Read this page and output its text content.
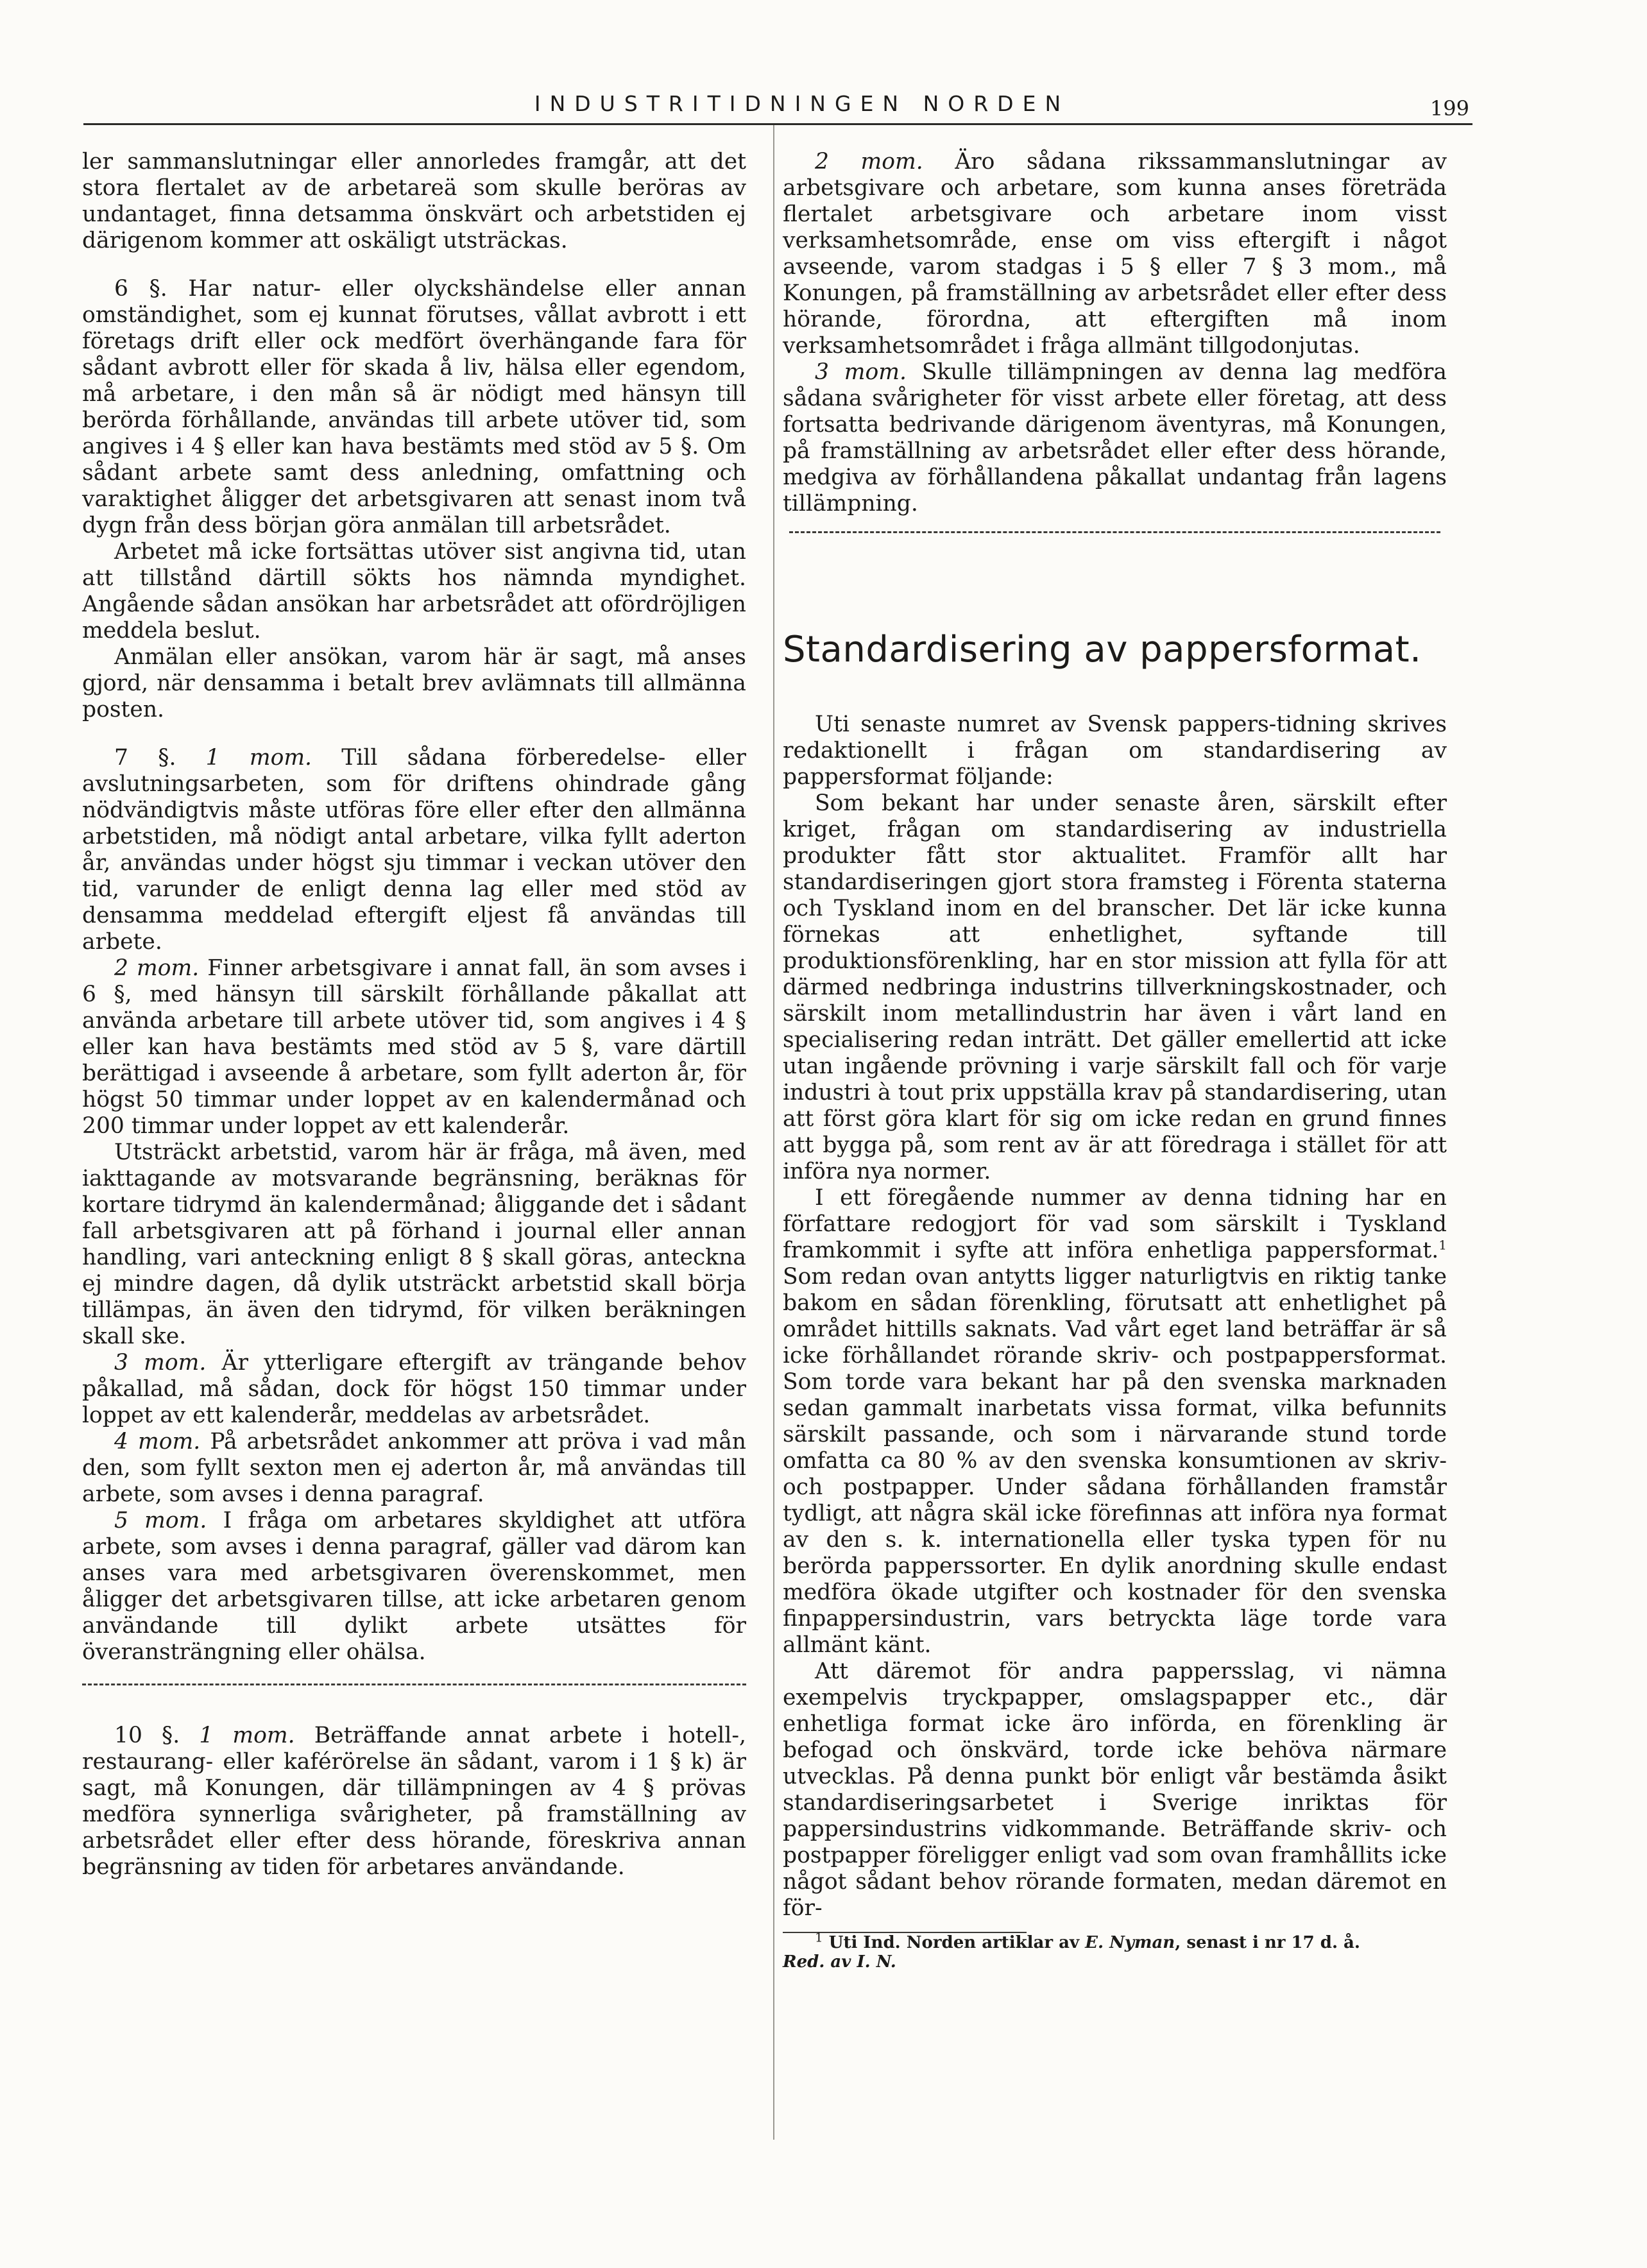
INDUSTRITIDNINGEN NORDEN	199

ler sammanslutningar eller annorledes framgår, att det stora flertalet av de arbetareä som skulle beröras av undantaget, finna detsamma önskvärt och arbetstiden ej därigenom kommer att oskäligt utsträckas.

6 §. Har natur- eller olyckshändelse eller annan omständighet, som ej kunnat förutses, vållat avbrott i ett företags drift eller ock medfört överhängande fara för sådant avbrott eller för skada å liv, hälsa eller egendom, må arbetare, i den mån så är nödigt med hänsyn till berörda förhållande, användas till arbete utöver tid, som angives i 4 § eller kan hava bestämts med stöd av 5 §. Om sådant arbete samt dess anledning, omfattning och varaktighet åligger det arbetsgivaren att senast inom två dygn från dess början göra anmälan till arbetsrådet.

Arbetet må icke fortsättas utöver sist angivna tid, utan att tillstånd därtill sökts hos nämnda myndighet. Angående sådan ansökan har arbetsrådet att ofördröjligen meddela beslut.

Anmälan eller ansökan, varom här är sagt, må anses gjord, när densamma i betalt brev avlämnats till allmänna posten.

7 §. 1 mom. Till sådana förberedelse- eller avslutningsarbeten, som för driftens ohindrade gång nödvändigtvis måste utföras före eller efter den allmänna arbetstiden, må nödigt antal arbetare, vilka fyllt aderton år, användas under högst sju timmar i veckan utöver den tid, varunder de enligt denna lag eller med stöd av densamma meddelad eftergift eljest få användas till arbete.

2 mom. Finner arbetsgivare i annat fall, än som avses i 6 §, med hänsyn till särskilt förhållande påkallat att använda arbetare till arbete utöver tid, som angives i 4 § eller kan hava bestämts med stöd av 5 §, vare därtill berättigad i avseende å arbetare, som fyllt aderton år, för högst 50 timmar under loppet av en kalendermånad och 200 timmar under loppet av ett kalenderår.

Utsträckt arbetstid, varom här är fråga, må även, med iakttagande av motsvarande begränsning, beräknas för kortare tidrymd än kalendermånad; åliggande det i sådant fall arbetsgivaren att på förhand i journal eller annan handling, vari anteckning enligt 8 § skall göras, anteckna ej mindre dagen, då dylik utsträckt arbetstid skall börja tillämpas, än även den tidrymd, för vilken beräkningen skall ske.

3 mom. Är ytterligare eftergift av trängande behov påkallad, må sådan, dock för högst 150 timmar under loppet av ett kalenderår, meddelas av arbetsrådet.

4 mom. På arbetsrådet ankommer att pröva i vad mån den, som fyllt sexton men ej aderton år, må användas till arbete, som avses i denna paragraf.

5 mom. I fråga om arbetares skyldighet att utföra arbete, som avses i denna paragraf, gäller vad därom kan anses vara med arbetsgivaren överenskommet, men åligger det arbetsgivaren tillse, att icke arbetaren genom användande till dylikt arbete utsättes för överansträngning eller ohälsa.

10 §. 1 mom. Beträffande annat arbete i hotell-, restaurang- eller kaférörelse än sådant, varom i 1 § k) är sagt, må Konungen, där tillämpningen av 4 § prövas medföra synnerliga svårigheter, på framställning av arbetsrådet eller efter dess hörande, föreskriva annan begränsning av tiden för arbetares användande.

2 mom. Äro sådana rikssammanslutningar av arbetsgivare och arbetare, som kunna anses företräda flertalet arbetsgivare och arbetare inom visst verksamhetsområde, ense om viss eftergift i något avseende, varom stadgas i 5 § eller 7 § 3 mom., må Konungen, på framställning av arbetsrådet eller efter dess hörande, förordna, att eftergiften må inom verksamhetsområdet i fråga allmänt tillgodonjutas.

3 mom. Skulle tillämpningen av denna lag medföra sådana svårigheter för visst arbete eller företag, att dess fortsatta bedrivande därigenom äventyras, må Konungen, på framställning av arbetsrådet eller efter dess hörande, medgiva av förhållandena påkallat undantag från lagens tillämpning.

Standardisering av pappersformat.

Uti senaste numret av Svensk pappers-tidning skrives redaktionellt i frågan om standardisering av pappersformat följande:

Som bekant har under senaste åren, särskilt efter kriget, frågan om standardisering av industriella produkter fått stor aktualitet. Framför allt har standardiseringen gjort stora framsteg i Förenta staterna och Tyskland inom en del branscher. Det lär icke kunna förnekas att enhetlighet, syftande till produktionsförenkling, har en stor mission att fylla för att därmed nedbringa industrins tillverkningskostnader, och särskilt inom metallindustrin har även i vårt land en specialisering redan inträtt. Det gäller emellertid att icke utan ingående prövning i varje särskilt fall och för varje industri à tout prix uppställa krav på standardisering, utan att först göra klart för sig om icke redan en grund finnes att bygga på, som rent av är att föredraga i stället för att införa nya normer.

I ett föregående nummer av denna tidning har en författare redogjort för vad som särskilt i Tyskland framkommit i syfte att införa enhetliga pappersformat.$^1$ Som redan ovan antytts ligger naturligtvis en riktig tanke bakom en sådan förenkling, förutsatt att enhetlighet på området hittills saknats. Vad vårt eget land beträffar är så icke förhållandet rörande skriv- och postpappersformat. Som torde vara bekant har på den svenska marknaden sedan gammalt inarbetats vissa format, vilka befunnits särskilt passande, och som i närvarande stund torde omfatta ca 80 % av den svenska konsumtionen av skriv- och postpapper. Under sådana förhållanden framstår tydligt, att några skäl icke förefinnas att införa nya format av den s. k. internationella eller tyska typen för nu berörda papperssorter. En dylik anordning skulle endast medföra ökade utgifter och kostnader för den svenska finpappersindustrin, vars betryckta läge torde vara allmänt känt.

Att däremot för andra pappersslag, vi nämna exempelvis tryckpapper, omslagspapper etc., där enhetliga format icke äro införda, en förenkling är befogad och önskvärd, torde icke behöva närmare utvecklas. På denna punkt bör enligt vår bestämda åsikt standardiseringsarbetet i Sverige inriktas för pappersindustrins vidkommande. Beträffande skriv- och postpapper föreligger enligt vad som ovan framhållits icke något sådant behov rörande formaten, medan däremot en för-

$^1$ Uti Ind. Norden artiklar av E. Nyman, senast i nr 17 d. å.
Red. av I. N.
